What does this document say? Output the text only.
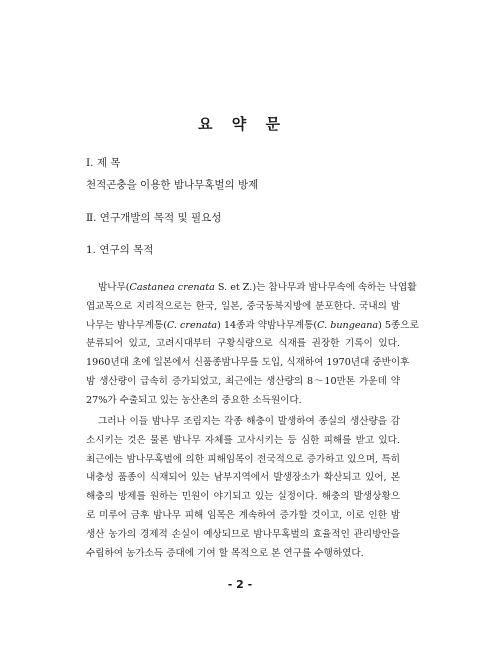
요 약 문
Ⅰ. 제 목
천적곤충을 이용한 밤나무혹벌의 방제
Ⅱ. 연구개발의 목적 및 필요성
1. 연구의 목적
밤나무(Castanea crenata S. et Z.)는 참나무과 밤나무속에 속하는 낙엽활
엽교목으로 지리적으로는 한국, 일본, 중국동북지방에 분포한다. 국내의 밤
나무는 밤나무계통(C. crenata) 14종과 약밤나무계통(C. bungeana) 5종으로
분류되어 있고, 고려시대부터 구황식량으로 식재를 권장한 기록이 있다.
1960년대 초에 일본에서 신품종밤나무를 도입, 식재하여 1970년대 중반이후
밤 생산량이 급속히 증가되었고, 최근에는 생산량의 8～10만톤 가운데 약
27%가 수출되고 있는 농산촌의 중요한 소득원이다.
그러나 이들 밤나무 조림지는 각종 해충이 발생하여 종실의 생산량을 감
소시키는 것은 물론 밤나무 자체를 고사시키는 등 심한 피해를 받고 있다.
최근에는 밤나무혹벌에 의한 피해임목이 전국적으로 증가하고 있으며, 특히
내충성 품종이 식재되어 있는 남부지역에서 발생장소가 확산되고 있어, 본
해충의 방제를 원하는 민원이 야기되고 있는 실정이다. 해충의 발생상황으
로 미루어 금후 밤나무 피해 임목은 계속하여 증가할 것이고, 이로 인한 밤
생산 농가의 경제적 손실이 예상되므로 밤나무혹벌의 효율적인 관리방안을
수립하여 농가소득 증대에 기여 할 목적으로 본 연구를 수행하였다.
- 2 -
